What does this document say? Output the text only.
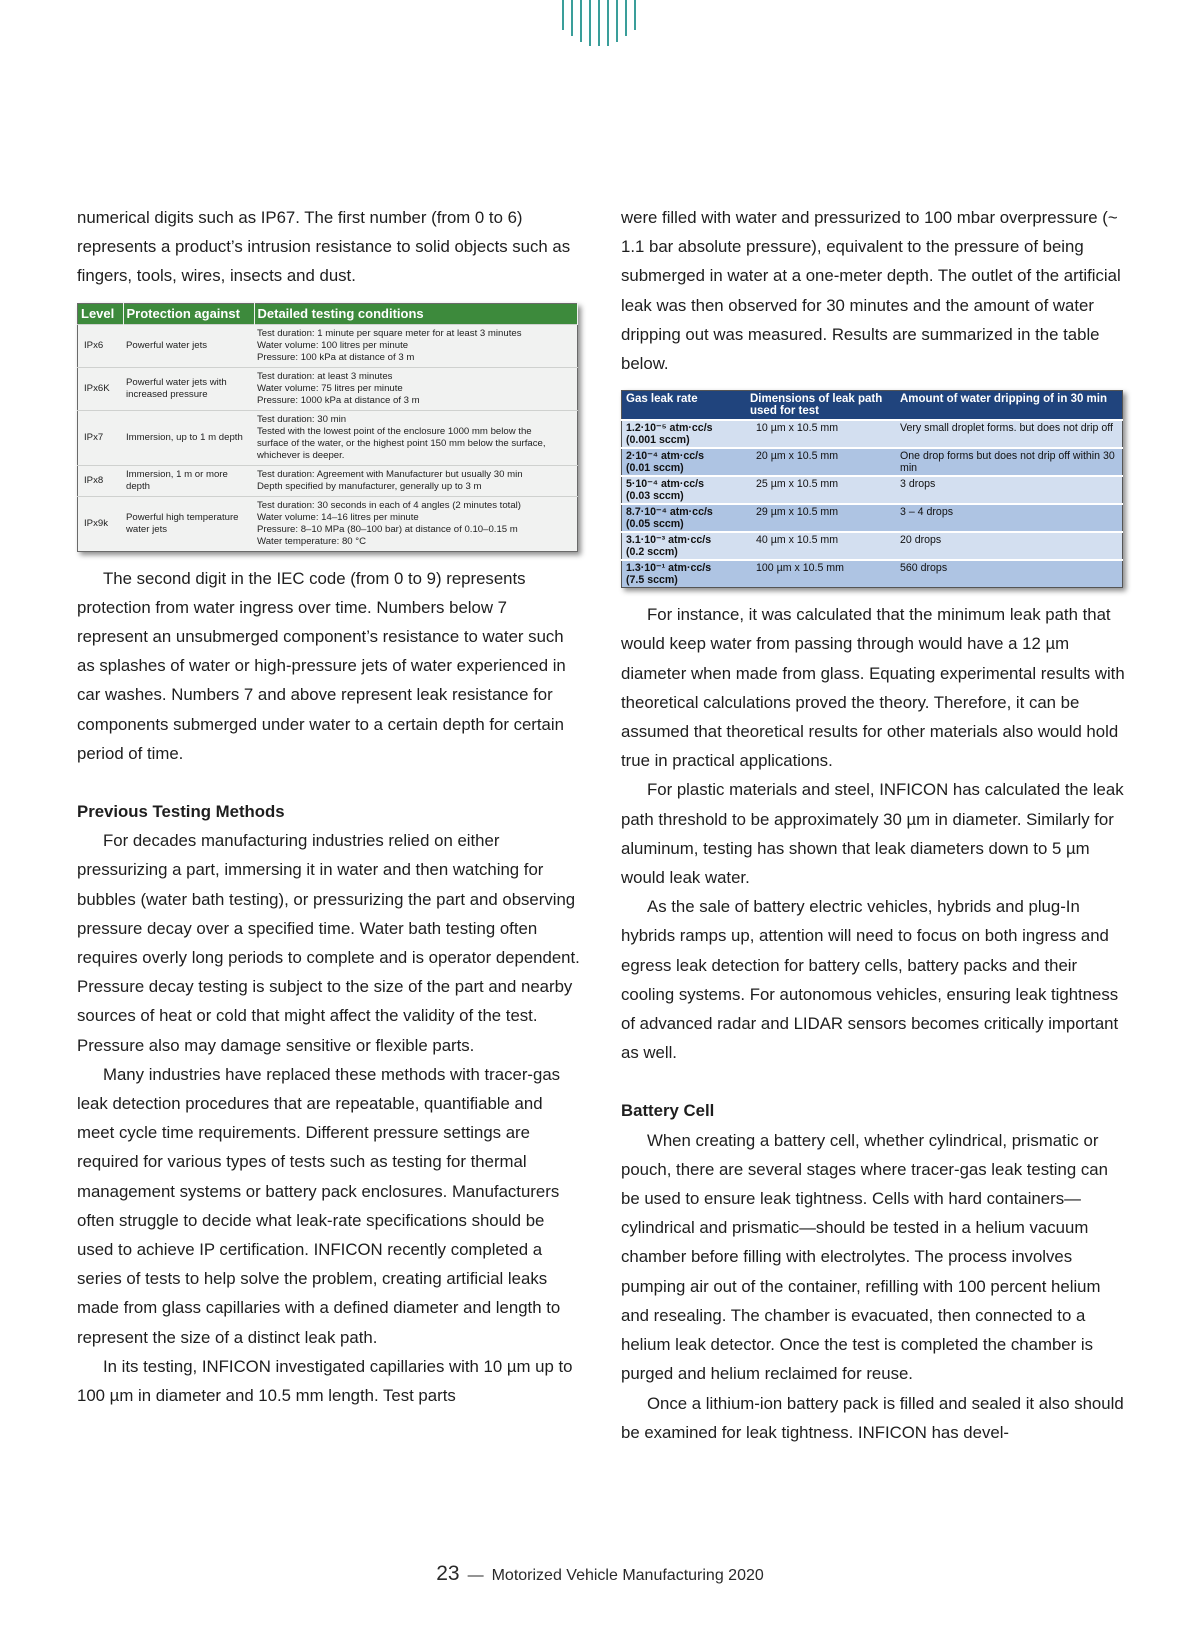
numerical digits such as IP67. The first number (from 0 to 6) represents a product’s intrusion resistance to solid objects such as fingers, tools, wires, insects and dust.

Level	Protection against	Detailed testing conditions
IPx6	Powerful water jets	Test duration: 1 minute per square meter for at least 3 minutes
Water volume: 100 litres per minute
Pressure: 100 kPa at distance of 3 m

IPx6K	Powerful water jets with increased pressure	Test duration: at least 3 minutes
Water volume: 75 litres per minute
Pressure: 1000 kPa at distance of 3 m

IPx7	Immersion, up to 1 m depth	Test duration: 30 min
Tested with the lowest point of the enclosure 1000 mm below the
surface of the water, or the highest point 150 mm below the surface,
whichever is deeper.

IPx8	Immersion, 1 m or more depth	Test duration: Agreement with Manufacturer but usually 30 min
Depth specified by manufacturer, generally up to 3 m

IPx9k	Powerful high temperature water jets	Test duration: 30 seconds in each of 4 angles (2 minutes total)
Water volume: 14–16 litres per minute
Pressure: 8–10 MPa (80–100 bar) at distance of 0.10–0.15 m
Water temperature: 80 °C

The second digit in the IEC code (from 0 to 9) represents protection from water ingress over time. Numbers below 7 represent an unsubmerged component’s resistance to water such as splashes of water or high-pressure jets of water experienced in car washes. Numbers 7 and above represent leak resistance for components submerged under water to a certain depth for certain period of time.

Previous Testing Methods

For decades manufacturing industries relied on either pressurizing a part, immersing it in water and then watching for bubbles (water bath testing), or pressurizing the part and observing pressure decay over a specified time. Water bath testing often requires overly long periods to complete and is operator dependent. Pressure decay testing is subject to the size of the part and nearby sources of heat or cold that might affect the validity of the test. Pressure also may damage sensitive or flexible parts.

Many industries have replaced these methods with tracer-gas leak detection procedures that are repeatable, quantifiable and meet cycle time requirements. Different pressure settings are required for various types of tests such as testing for thermal management systems or battery pack enclosures. Manufacturers often struggle to decide what leak-rate specifications should be used to achieve IP certification. INFICON recently completed a series of tests to help solve the problem, creating artificial leaks made from glass capillaries with a defined diameter and length to represent the size of a distinct leak path.

In its testing, INFICON investigated capillaries with 10 µm up to 100 µm in diameter and 10.5 mm length. Test parts

were filled with water and pressurized to 100 mbar overpressure (~ 1.1 bar absolute pressure), equivalent to the pressure of being submerged in water at a one-meter depth. The outlet of the artificial leak was then observed for 30 minutes and the amount of water dripping out was measured. Results are summarized in the table below.

Gas leak rate	Dimensions of leak path used for test	Amount of water dripping of in 30 min

1.2·10⁻⁵ atm·cc/s
(0.001 sccm)	10 µm x 10.5 mm	Very small droplet forms. but does not drip off

2·10⁻⁴ atm·cc/s
(0.01 sccm)	20 µm x 10.5 mm	One drop forms but does not drip off within 30 min

5·10⁻⁴ atm·cc/s
(0.03 sccm)	25 µm x 10.5 mm	3 drops

8.7·10⁻⁴ atm·cc/s
(0.05 sccm)	29 µm x 10.5 mm	3 – 4 drops

3.1·10⁻³ atm·cc/s
(0.2 sccm)	40 µm x 10.5 mm	20 drops

1.3·10⁻¹ atm·cc/s
(7.5 sccm)	100 µm x 10.5 mm	560 drops

For instance, it was calculated that the minimum leak path that would keep water from passing through would have a 12 µm diameter when made from glass. Equating experimental results with theoretical calculations proved the theory. Therefore, it can be assumed that theoretical results for other materials also would hold true in practical applications.

For plastic materials and steel, INFICON has calculated the leak path threshold to be approximately 30 µm in diameter. Similarly for aluminum, testing has shown that leak diameters down to 5 µm would leak water.

As the sale of battery electric vehicles, hybrids and plug-In hybrids ramps up, attention will need to focus on both ingress and egress leak detection for battery cells, battery packs and their cooling systems. For autonomous vehicles, ensuring leak tightness of advanced radar and LIDAR sensors becomes critically important as well.

Battery Cell

When creating a battery cell, whether cylindrical, prismatic or pouch, there are several stages where tracer-gas leak testing can be used to ensure leak tightness. Cells with hard containers—cylindrical and prismatic—should be tested in a helium vacuum chamber before filling with electrolytes. The process involves pumping air out of the container, refilling with 100 percent helium and resealing. The chamber is evacuated, then connected to a helium leak detector. Once the test is completed the chamber is purged and helium reclaimed for reuse.

Once a lithium-ion battery pack is filled and sealed it also should be examined for leak tightness. INFICON has devel-

23 — Motorized Vehicle Manufacturing 2020
